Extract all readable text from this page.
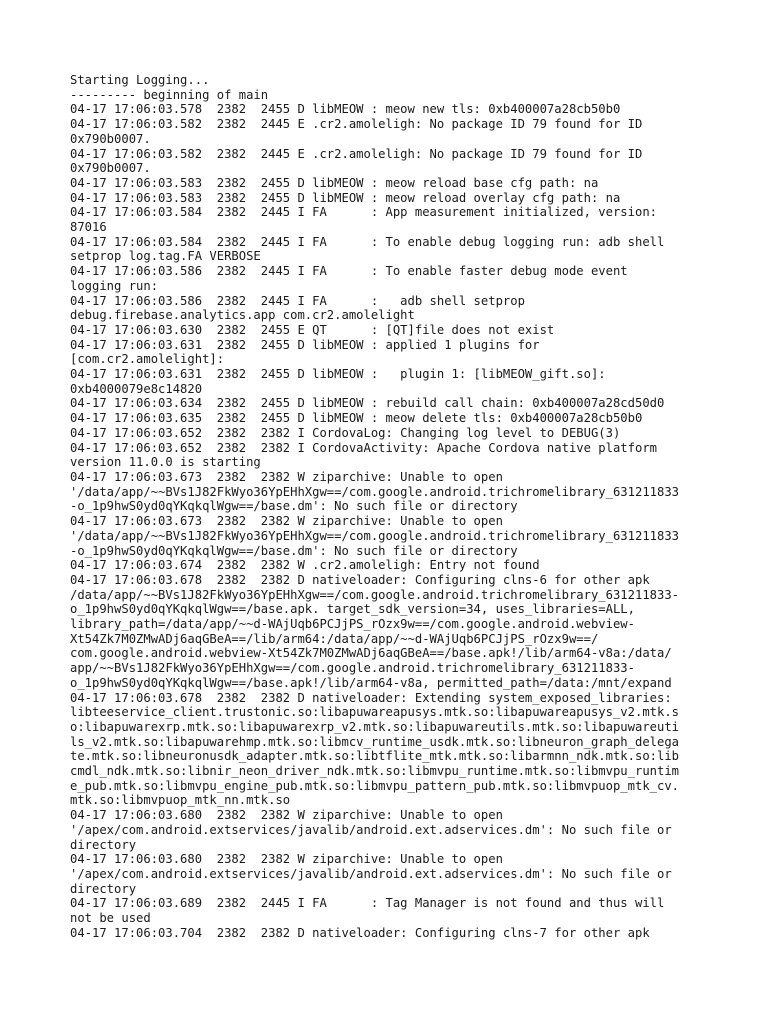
Starting Logging...
--------- beginning of main
04-17 17:06:03.578  2382  2455 D libMEOW : meow new tls: 0xb400007a28cb50b0
04-17 17:06:03.582  2382  2445 E .cr2.amoleligh: No package ID 79 found for ID
0x790b0007.
04-17 17:06:03.582  2382  2445 E .cr2.amoleligh: No package ID 79 found for ID
0x790b0007.
04-17 17:06:03.583  2382  2455 D libMEOW : meow reload base cfg path: na
04-17 17:06:03.583  2382  2455 D libMEOW : meow reload overlay cfg path: na
04-17 17:06:03.584  2382  2445 I FA      : App measurement initialized, version:
87016
04-17 17:06:03.584  2382  2445 I FA      : To enable debug logging run: adb shell
setprop log.tag.FA VERBOSE
04-17 17:06:03.586  2382  2445 I FA      : To enable faster debug mode event
logging run:
04-17 17:06:03.586  2382  2445 I FA      :   adb shell setprop
debug.firebase.analytics.app com.cr2.amolelight
04-17 17:06:03.630  2382  2455 E QT      : [QT]file does not exist
04-17 17:06:03.631  2382  2455 D libMEOW : applied 1 plugins for
[com.cr2.amolelight]:
04-17 17:06:03.631  2382  2455 D libMEOW :   plugin 1: [libMEOW_gift.so]:
0xb4000079e8c14820
04-17 17:06:03.634  2382  2455 D libMEOW : rebuild call chain: 0xb400007a28cd50d0
04-17 17:06:03.635  2382  2455 D libMEOW : meow delete tls: 0xb400007a28cb50b0
04-17 17:06:03.652  2382  2382 I CordovaLog: Changing log level to DEBUG(3)
04-17 17:06:03.652  2382  2382 I CordovaActivity: Apache Cordova native platform
version 11.0.0 is starting
04-17 17:06:03.673  2382  2382 W ziparchive: Unable to open
'/data/app/~~BVs1J82FkWyo36YpEHhXgw==/com.google.android.trichromelibrary_631211833
-o_1p9hwS0yd0qYKqkqlWgw==/base.dm': No such file or directory
04-17 17:06:03.673  2382  2382 W ziparchive: Unable to open
'/data/app/~~BVs1J82FkWyo36YpEHhXgw==/com.google.android.trichromelibrary_631211833
-o_1p9hwS0yd0qYKqkqlWgw==/base.dm': No such file or directory
04-17 17:06:03.674  2382  2382 W .cr2.amoleligh: Entry not found
04-17 17:06:03.678  2382  2382 D nativeloader: Configuring clns-6 for other apk
/data/app/~~BVs1J82FkWyo36YpEHhXgw==/com.google.android.trichromelibrary_631211833-
o_1p9hwS0yd0qYKqkqlWgw==/base.apk. target_sdk_version=34, uses_libraries=ALL,
library_path=/data/app/~~d-WAjUqb6PCJjPS_rOzx9w==/com.google.android.webview-
Xt54Zk7M0ZMwADj6aqGBeA==/lib/arm64:/data/app/~~d-WAjUqb6PCJjPS_rOzx9w==/
com.google.android.webview-Xt54Zk7M0ZMwADj6aqGBeA==/base.apk!/lib/arm64-v8a:/data/
app/~~BVs1J82FkWyo36YpEHhXgw==/com.google.android.trichromelibrary_631211833-
o_1p9hwS0yd0qYKqkqlWgw==/base.apk!/lib/arm64-v8a, permitted_path=/data:/mnt/expand
04-17 17:06:03.678  2382  2382 D nativeloader: Extending system_exposed_libraries:
libteeservice_client.trustonic.so:libapuwareapusys.mtk.so:libapuwareapusys_v2.mtk.s
o:libapuwarexrp.mtk.so:libapuwarexrp_v2.mtk.so:libapuwareutils.mtk.so:libapuwareuti
ls_v2.mtk.so:libapuwarehmp.mtk.so:libmcv_runtime_usdk.mtk.so:libneuron_graph_delega
te.mtk.so:libneuronusdk_adapter.mtk.so:libtflite_mtk.mtk.so:libarmnn_ndk.mtk.so:lib
cmdl_ndk.mtk.so:libnir_neon_driver_ndk.mtk.so:libmvpu_runtime.mtk.so:libmvpu_runtim
e_pub.mtk.so:libmvpu_engine_pub.mtk.so:libmvpu_pattern_pub.mtk.so:libmvpuop_mtk_cv.
mtk.so:libmvpuop_mtk_nn.mtk.so
04-17 17:06:03.680  2382  2382 W ziparchive: Unable to open
'/apex/com.android.extservices/javalib/android.ext.adservices.dm': No such file or
directory
04-17 17:06:03.680  2382  2382 W ziparchive: Unable to open
'/apex/com.android.extservices/javalib/android.ext.adservices.dm': No such file or
directory
04-17 17:06:03.689  2382  2445 I FA      : Tag Manager is not found and thus will
not be used
04-17 17:06:03.704  2382  2382 D nativeloader: Configuring clns-7 for other apk
